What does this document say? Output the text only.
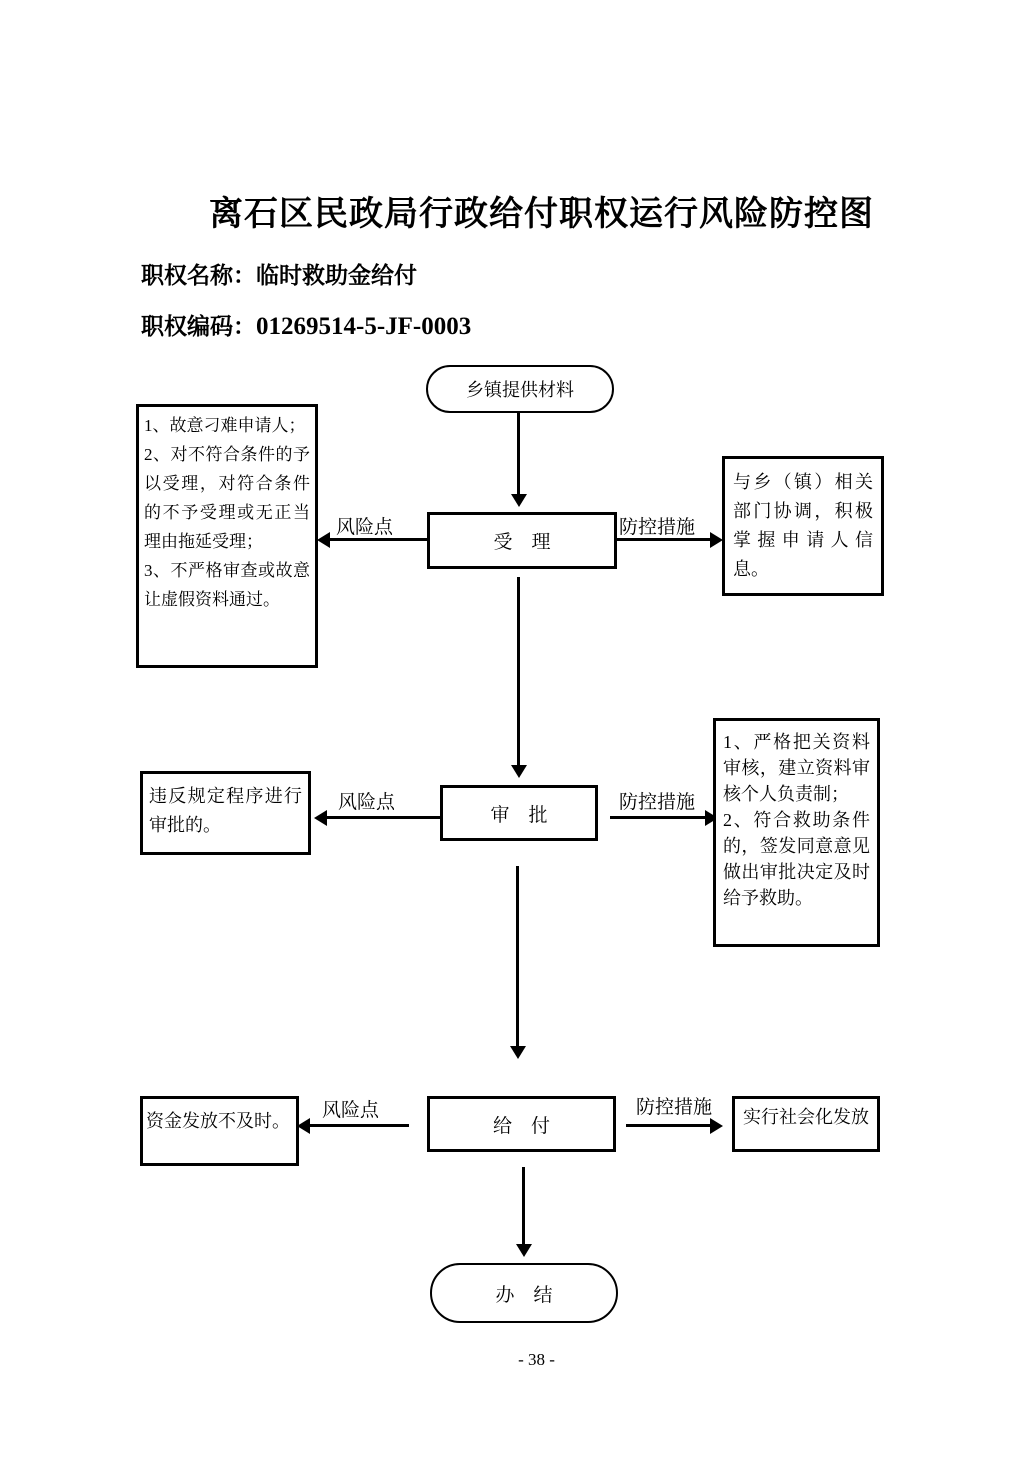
离石区民政局行政给付职权运行风险防控图
职权名称：临时救助金给付
职权编码：01269514-5-JF-0003
乡镇提供材料
受　理
风险点

1、故意刁难申请人；

2、对不符合条件的予以受理，对符合条件的不予受理或无正当理由拖延受理；

3、不严格审查或故意让虚假资料通过。

防控措施

与乡（镇）相关部门协调，积极掌握申请人信息。

审　批
风险点

违反规定程序进行审批的。

防控措施

1、严格把关资料审核，建立资料审核个人负责制；

2、符合救助条件的，签发同意意见做出审批决定及时给予救助。

给　付
风险点

资金发放不及时。

防控措施 实行社会化发放

办　结
- 38 -
